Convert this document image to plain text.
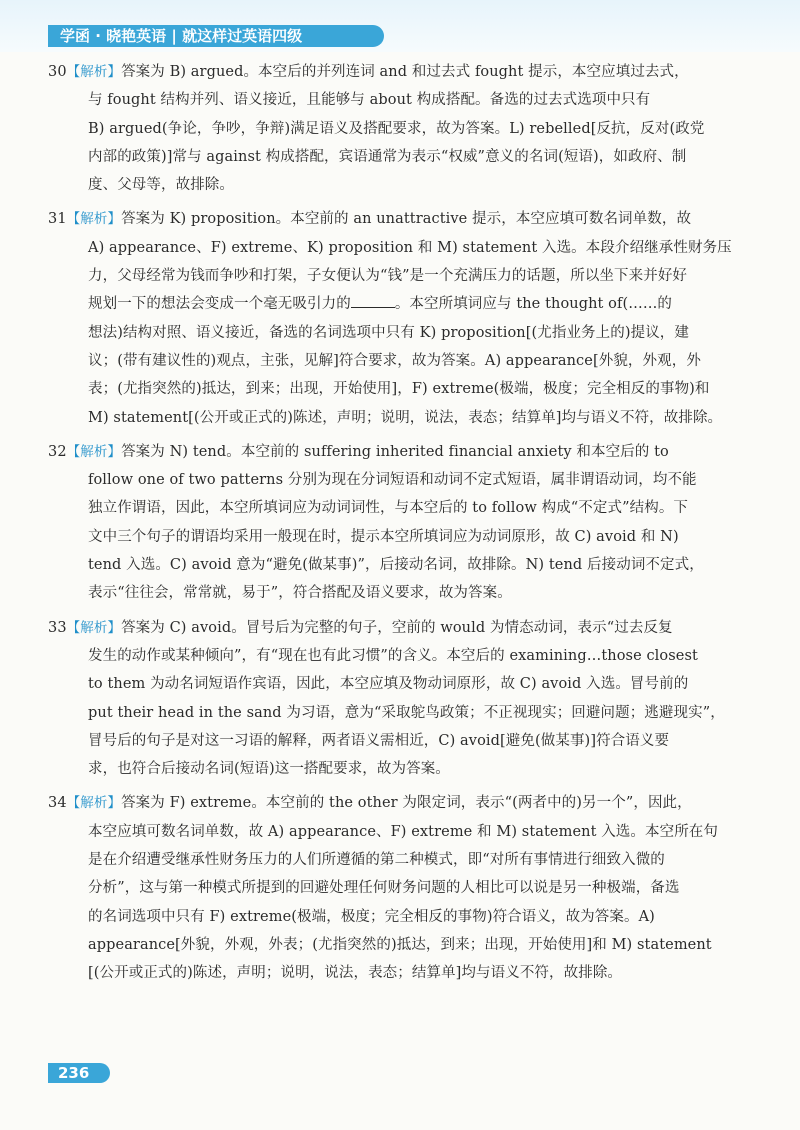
学函 · 晓艳英语 | 就这样过英语四级
30【解析】答案为 B) argued。本空后的并列连词 and 和过去式 fought 提示，本空应填过去式，
与 fought 结构并列、语义接近，且能够与 about 构成搭配。备选的过去式选项中只有
B) argued(争论，争吵，争辩)满足语义及搭配要求，故为答案。L) rebelled[反抗，反对(政党
内部的政策)]常与 against 构成搭配，宾语通常为表示“权威”意义的名词(短语)，如政府、制
度、父母等，故排除。
31【解析】答案为 K) proposition。本空前的 an unattractive 提示，本空应填可数名词单数，故
A) appearance、F) extreme、K) proposition 和 M) statement 入选。本段介绍继承性财务压
力，父母经常为钱而争吵和打架，子女便认为“钱”是一个充满压力的话题，所以坐下来并好好
规划一下的想法会变成一个毫无吸引力的	。本空所填词应与 the thought of(……的
想法)结构对照、语义接近，备选的名词选项中只有 K) proposition[(尤指业务上的)提议，建
议；(带有建议性的)观点，主张，见解]符合要求，故为答案。A) appearance[外貌，外观，外
表；(尤指突然的)抵达，到来；出现，开始使用]，F) extreme(极端，极度；完全相反的事物)和
M) statement[(公开或正式的)陈述，声明；说明，说法，表态；结算单]均与语义不符，故排除。
32【解析】答案为 N) tend。本空前的 suffering inherited financial anxiety 和本空后的 to
follow one of two patterns 分别为现在分词短语和动词不定式短语，属非谓语动词，均不能
独立作谓语，因此，本空所填词应为动词词性，与本空后的 to follow 构成“不定式”结构。下
文中三个句子的谓语均采用一般现在时，提示本空所填词应为动词原形，故 C) avoid 和 N)
tend 入选。C) avoid 意为“避免(做某事)”，后接动名词，故排除。N) tend 后接动词不定式，
表示“往往会，常常就，易于”，符合搭配及语义要求，故为答案。
33【解析】答案为 C) avoid。冒号后为完整的句子，空前的 would 为情态动词，表示“过去反复
发生的动作或某种倾向”，有“现在也有此习惯”的含义。本空后的 examining…those closest
to them 为动名词短语作宾语，因此，本空应填及物动词原形，故 C) avoid 入选。冒号前的
put their head in the sand 为习语，意为“采取鸵鸟政策；不正视现实；回避问题；逃避现实”，
冒号后的句子是对这一习语的解释，两者语义需相近，C) avoid[避免(做某事)]符合语义要
求，也符合后接动名词(短语)这一搭配要求，故为答案。
34【解析】答案为 F) extreme。本空前的 the other 为限定词，表示“(两者中的)另一个”，因此，
本空应填可数名词单数，故 A) appearance、F) extreme 和 M) statement 入选。本空所在句
是在介绍遭受继承性财务压力的人们所遵循的第二种模式，即“对所有事情进行细致入微的
分析”，这与第一种模式所提到的回避处理任何财务问题的人相比可以说是另一种极端，备选
的名词选项中只有 F) extreme(极端，极度；完全相反的事物)符合语义，故为答案。A)
appearance[外貌，外观，外表；(尤指突然的)抵达，到来；出现，开始使用]和 M) statement
[(公开或正式的)陈述，声明；说明，说法，表态；结算单]均与语义不符，故排除。
236
